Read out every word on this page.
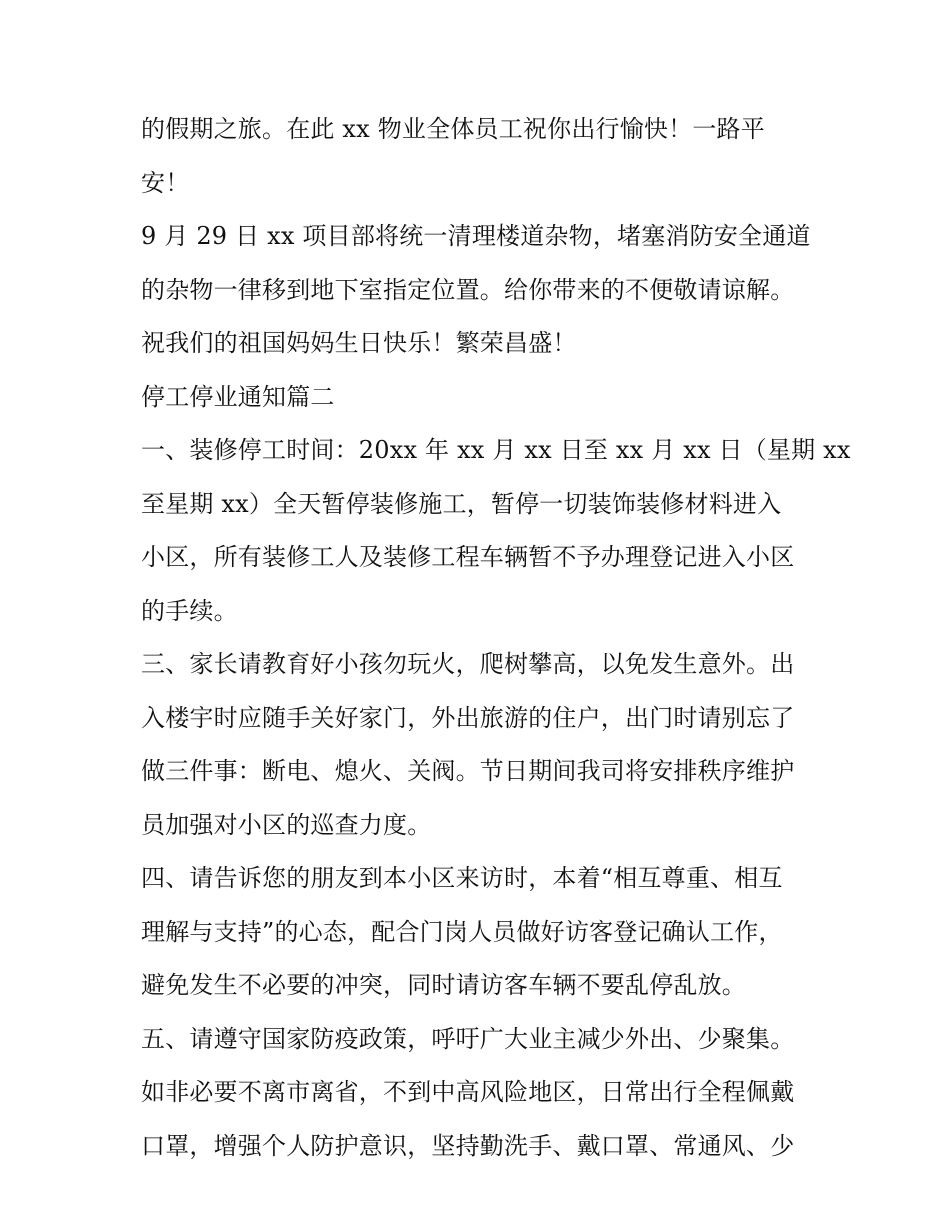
的假期之旅。在此 xx 物业全体员工祝你出行愉快！一路平
安！
9 月 29 日 xx 项目部将统一清理楼道杂物，堵塞消防安全通道
的杂物一律移到地下室指定位置。给你带来的不便敬请谅解。
祝我们的祖国妈妈生日快乐！繁荣昌盛！
停工停业通知篇二
一、装修停工时间：20xx 年 xx 月 xx 日至 xx 月 xx 日（星期 xx
至星期 xx）全天暂停装修施工，暂停一切装饰装修材料进入
小区，所有装修工人及装修工程车辆暂不予办理登记进入小区
的手续。
三、家长请教育好小孩勿玩火，爬树攀高，以免发生意外。出
入楼宇时应随手关好家门，外出旅游的住户，出门时请别忘了
做三件事：断电、熄火、关阀。节日期间我司将安排秩序维护
员加强对小区的巡查力度。
四、请告诉您的朋友到本小区来访时，本着“相互尊重、相互
理解与支持”的心态，配合门岗人员做好访客登记确认工作，
避免发生不必要的冲突，同时请访客车辆不要乱停乱放。
五、请遵守国家防疫政策，呼吁广大业主减少外出、少聚集。
如非必要不离市离省，不到中高风险地区，日常出行全程佩戴
口罩，增强个人防护意识，坚持勤洗手、戴口罩、常通风、少
